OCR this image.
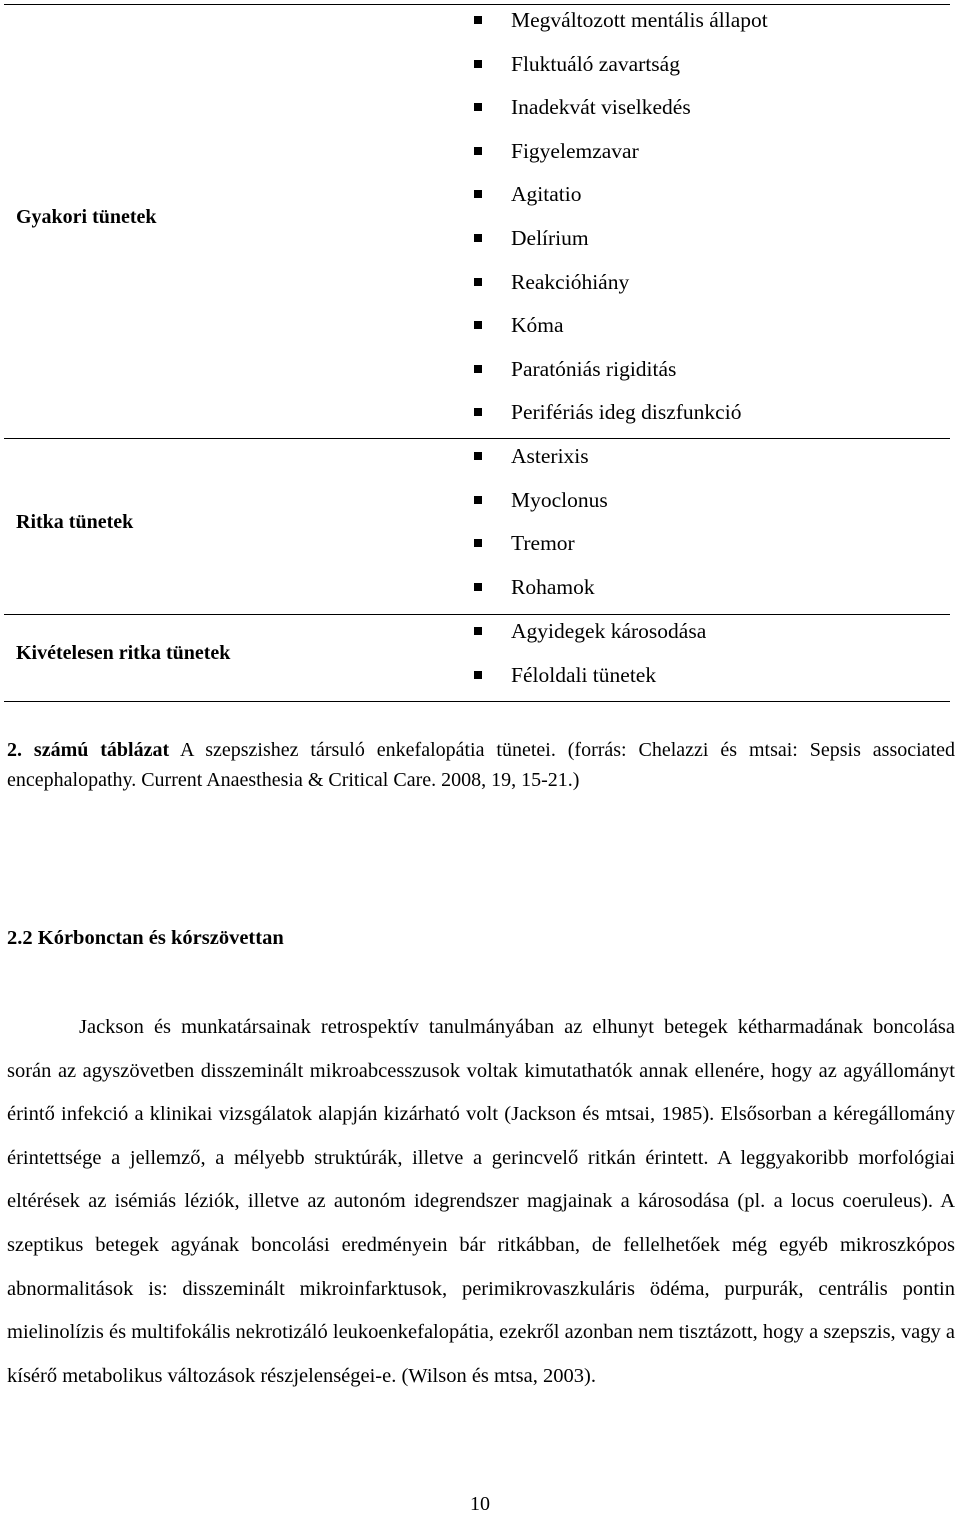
Gyakori tünetek
Megváltozott mentális állapot
Fluktuáló zavartság
Inadekvát viselkedés
Figyelemzavar
Agitatio
Delírium
Reakcióhiány
Kóma
Paratóniás rigiditás
Perifériás ideg diszfunkció
Ritka tünetek
Asterixis
Myoclonus
Tremor
Rohamok
Kivételesen ritka tünetek
Agyidegek károsodása
Féloldali tünetek
2. számú táblázat A szepszishez társuló enkefalopátia tünetei. (forrás: Chelazzi és mtsai: Sepsis associated encephalopathy. Current Anaesthesia & Critical Care. 2008, 19, 15-21.)
2.2 Kórbonctan és kórszövettan

Jackson és munkatársainak retrospektív tanulmányában az elhunyt betegek kétharmadának boncolása során az agyszövetben disszeminált mikroabcesszusok voltak kimutathatók annak ellenére, hogy az agyállományt érintő infekció a klinikai vizsgálatok alapján kizárható volt (Jackson és mtsai, 1985). Elsősorban a kéregállomány érintettsége a jellemző, a mélyebb struktúrák, illetve a gerincvelő ritkán érintett. A leggyakoribb morfológiai eltérések az isémiás léziók, illetve az autonóm idegrendszer magjainak a károsodása (pl. a locus coeruleus). A szeptikus betegek agyának boncolási eredményein bár ritkábban, de fellelhetőek még egyéb mikroszkópos abnormalitások is: disszeminált mikroinfarktusok, perimikrovaszkuláris ödéma, purpurák, centrális pontin mielinolízis és multifokális nekrotizáló leukoenkefalopátia, ezekről azonban nem tisztázott, hogy a szepszis, vagy a kísérő metabolikus változások részjelenségei-e. (Wilson és mtsa, 2003).

10
